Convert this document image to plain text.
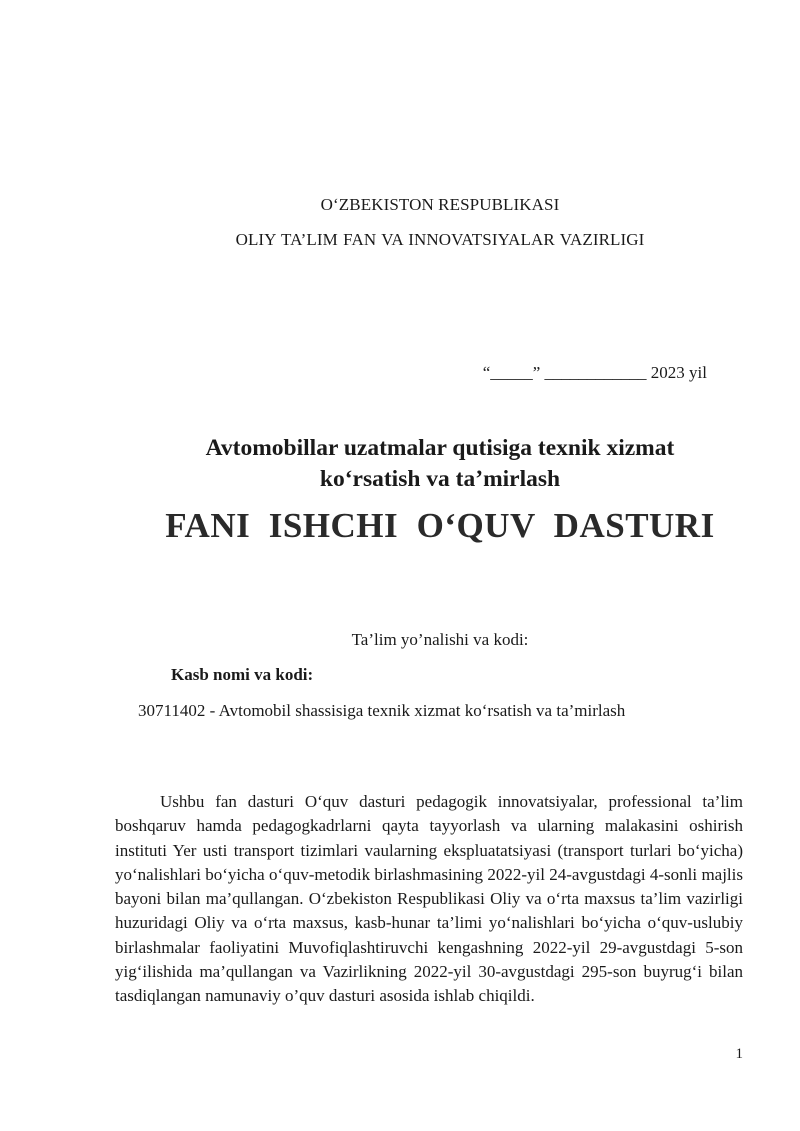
O‘ZBEKISTON RESPUBLIKASI
OLIY TA’LIM FAN VA INNOVATSIYALAR VAZIRLIGI
“_____” ____________ 2023 yil
Avtomobillar uzatmalar qutisiga texnik xizmat
ko‘rsatish va ta’mirlash
FANI  ISHCHI  O‘QUV  DASTURI
Ta’lim yo’nalishi va kodi:
Kasb nomi va kodi:
30711402 - Avtomobil shassisiga texnik xizmat ko‘rsatish va ta’mirlash

Ushbu fan dasturi O‘quv dasturi pedagogik innovatsiyalar, professional ta’lim boshqaruv hamda pedagogkadrlarni qayta tayyorlash va ularning malakasini oshirish instituti Yer usti transport tizimlari vaularning ekspluatatsiyasi (transport turlari bo‘yicha) yo‘nalishlari bo‘yicha o‘quv-metodik birlashmasining 2022-yil 24-avgustdagi 4-sonli majlis bayoni bilan ma’qullangan. O‘zbekiston Respublikasi Oliy va o‘rta maxsus ta’lim vazirligi huzuridagi Oliy va o‘rta maxsus, kasb-hunar ta’limi yo‘nalishlari bo‘yicha o‘quv-uslubiy birlashmalar faoliyatini Muvofiqlashtiruvchi kengashning 2022-yil 29-avgustdagi 5-son yig‘ilishida ma’qullangan va Vazirlikning 2022-yil 30-avgustdagi 295-son buyrug‘i bilan tasdiqlangan namunaviy o’quv dasturi asosida ishlab chiqildi.

1
